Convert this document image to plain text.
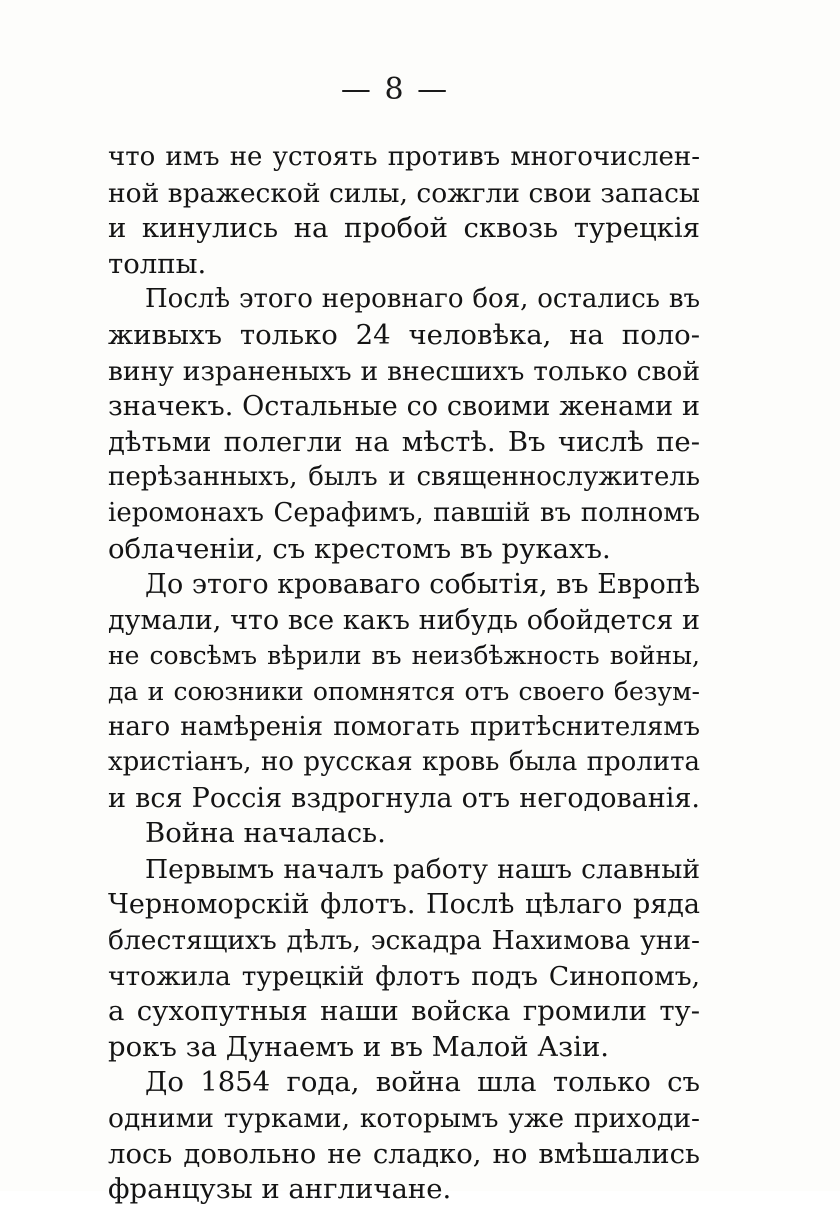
— 8 —
что имъ не устоять противъ многочислен-
ной вражеской силы, сожгли свои запасы
и кинулись на пробой сквозь турецкія
толпы.
Послѣ этого неровнаго боя, остались въ
живыхъ только 24 человѣка, на поло-
вину израненыхъ и внесшихъ только свой
значекъ. Остальные со своими женами и
дѣтьми полегли на мѣстѣ. Въ числѣ пе-
перѣзанныхъ, былъ и священнослужитель
іеромонахъ Серафимъ, павшій въ полномъ
облаченіи, съ крестомъ въ рукахъ.
До этого кроваваго событія, въ Европѣ
думали, что все какъ нибудь обойдется и
не совсѣмъ вѣрили въ неизбѣжность войны,
да и союзники опомнятся отъ своего безум-
наго намѣренія помогать притѣснителямъ
христіанъ, но русская кровь была пролита
и вся Россія вздрогнула отъ негодованія.
Война началась.
Первымъ началъ работу нашъ славный
Черноморскій флотъ. Послѣ цѣлаго ряда
блестящихъ дѣлъ, эскадра Нахимова уни-
чтожила турецкій флотъ подъ Синопомъ,
а сухопутныя наши войска громили ту-
рокъ за Дунаемъ и въ Малой Азіи.
До 1854 года, война шла только съ
одними турками, которымъ уже приходи-
лось довольно не сладко, но вмѣшались
французы и англичане.
